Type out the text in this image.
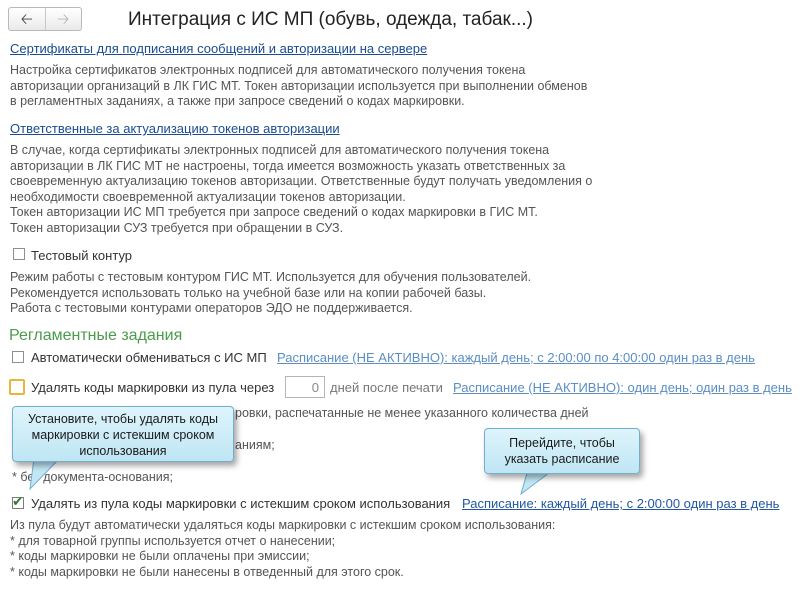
🡠 🡢	Интеграция с ИС МП (обувь, одежда, табак...)
Сертификаты для подписания сообщений и авторизации на сервере
Настройка сертификатов электронных подписей для автоматического получения токена
авторизации организаций в ЛК ГИС МТ. Токен авторизации используется при выполнении обменов
в регламентных заданиях, а также при запросе сведений о кодах маркировки.
Ответственные за актуализацию токенов авторизации
В случае, когда сертификаты электронных подписей для автоматического получения токена
авторизации в ЛК ГИС МТ не настроены, тогда имеется возможность указать ответственных за
своевременную актуализацию токенов авторизации. Ответственные будут получать уведомления о
необходимости своевременной актуализации токенов авторизации.
Токен авторизации ИС МП требуется при запросе сведений о кодах маркировки в ГИС МТ.
Токен авторизации СУЗ требуется при обращении в СУЗ.
Тестовый контур
Режим работы с тестовым контуром ГИС МТ. Используется для обучения пользователей.
Рекомендуется использовать только на учебной базе или на копии рабочей базы.
Работа с тестовыми контурами операторов ЭДО не поддерживается.
Регламентные задания
Автоматически обмениваться с ИС МП Расписание (НЕ АКТИВНО): каждый день; с 2:00:00 по 4:00:00 один раз в день
Удалять коды маркировки из пула через	0 дней после печати Расписание (НЕ АКТИВНО): один день; один раз в день
ровки, распечатанные не менее указанного количества дней
аниям;
* без документа-основания;
✔ Удалять из пула коды маркировки с истекшим сроком использования Расписание: каждый день; с 2:00:00 один раз в день
Из пула будут автоматически удаляться коды маркировки с истекшим сроком использования:
* для товарной группы используется отчет о нанесении;
* коды маркировки не были оплачены при эмиссии;
* коды маркировки не были нанесены в отведенный для этого срок.
Установите, чтобы удалять коды
маркировки с истекшим сроком
использования
Перейдите, чтобы
указать расписание
